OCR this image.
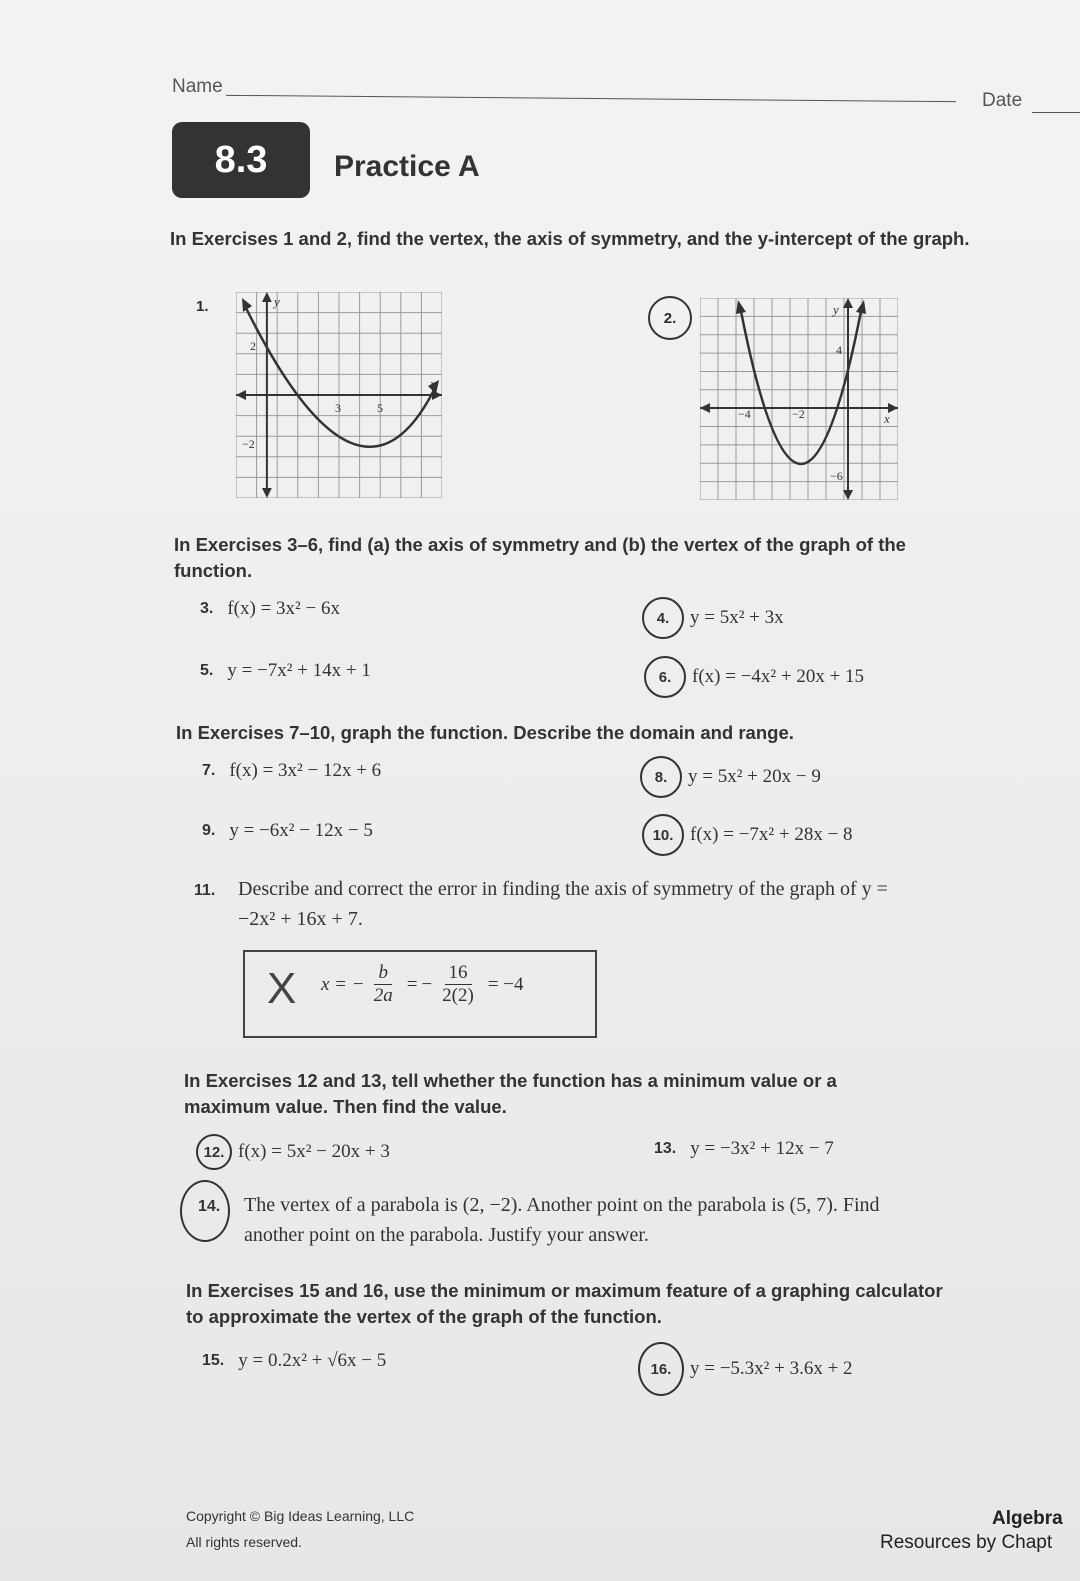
Name
Date
8.3	Practice A
In Exercises 1 and 2, find the vertex, the axis of symmetry, and the y-intercept of the graph.
1.	y
x
2
3	5
−2
2.	y
x
4
−4	−2
−6
In Exercises 3–6, find (a) the axis of symmetry and (b) the vertex of the graph of the function.
3. f(x) = 3x² − 6x	4.	y = 5x² + 3x
5. y = −7x² + 14x + 1	6.	f(x) = −4x² + 20x + 15
In Exercises 7–10, graph the function. Describe the domain and range.
7. f(x) = 3x² − 12x + 6	8.	y = 5x² + 20x − 9
9. y = −6x² − 12x − 5	10. f(x) = −7x² + 28x − 8
11. Describe and correct the error in finding the axis of symmetry of the graph of y = −2x² + 16x + 7.
X x = − $\frac{b}{2a}$ = − $\frac{16}{2(2)} = -4$
In Exercises 12 and 13, tell whether the function has a minimum value or a maximum value. Then find the value.
12. f(x) = 5x² − 20x + 3	13. y = −3x² + 12x − 7
14. The vertex of a parabola is (2, −2). Another point on the parabola is (5, 7). Find another point on the parabola. Justify your answer.
In Exercises 15 and 16, use the minimum or maximum feature of a graphing calculator to approximate the vertex of the graph of the function.
15. y = 0.2x² + √6x − 5	16. y = −5.3x² + 3.6x + 2
Copyright © Big Ideas Learning, LLC
All rights reserved.
Algebra
Resources by Chapt
